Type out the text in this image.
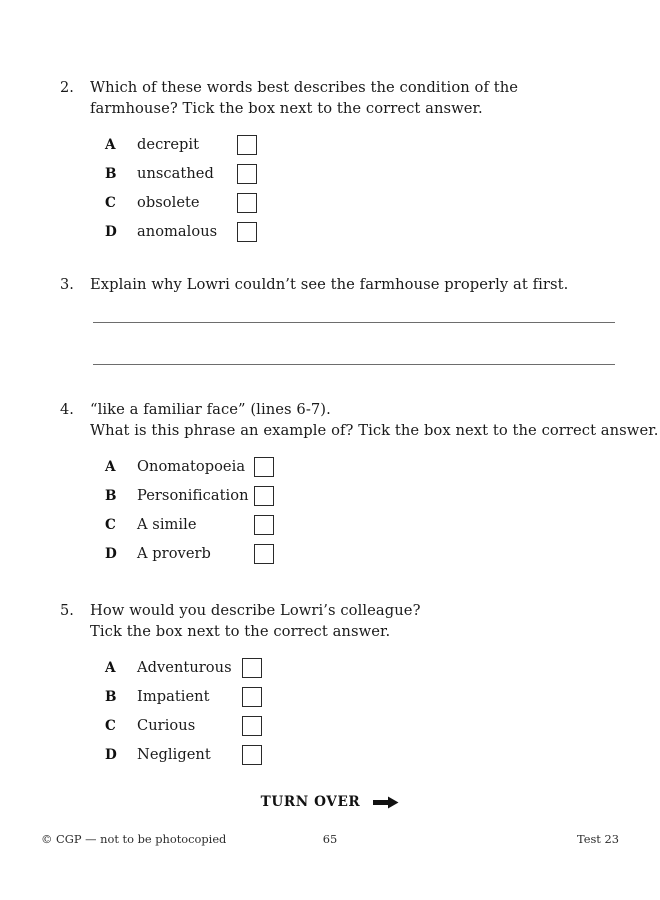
2.	Which of these words best describes the condition of the
farmhouse? Tick the box next to the correct answer.
A	decrepit
B	unscathed
C	obsolete
D	anomalous
3.	Explain why Lowri couldn’t see the farmhouse properly at first.
4.	“like a familiar face” (lines 6-7).
What is this phrase an example of? Tick the box next to the correct answer.
A	Onomatopoeia
B	Personification
C	A simile
D	A proverb
5.	How would you describe Lowri’s colleague?
Tick the box next to the correct answer.
A	Adventurous
B	Impatient
C	Curious
D	Negligent
TURN OVER
© CGP — not to be photocopied	65	Test 23
